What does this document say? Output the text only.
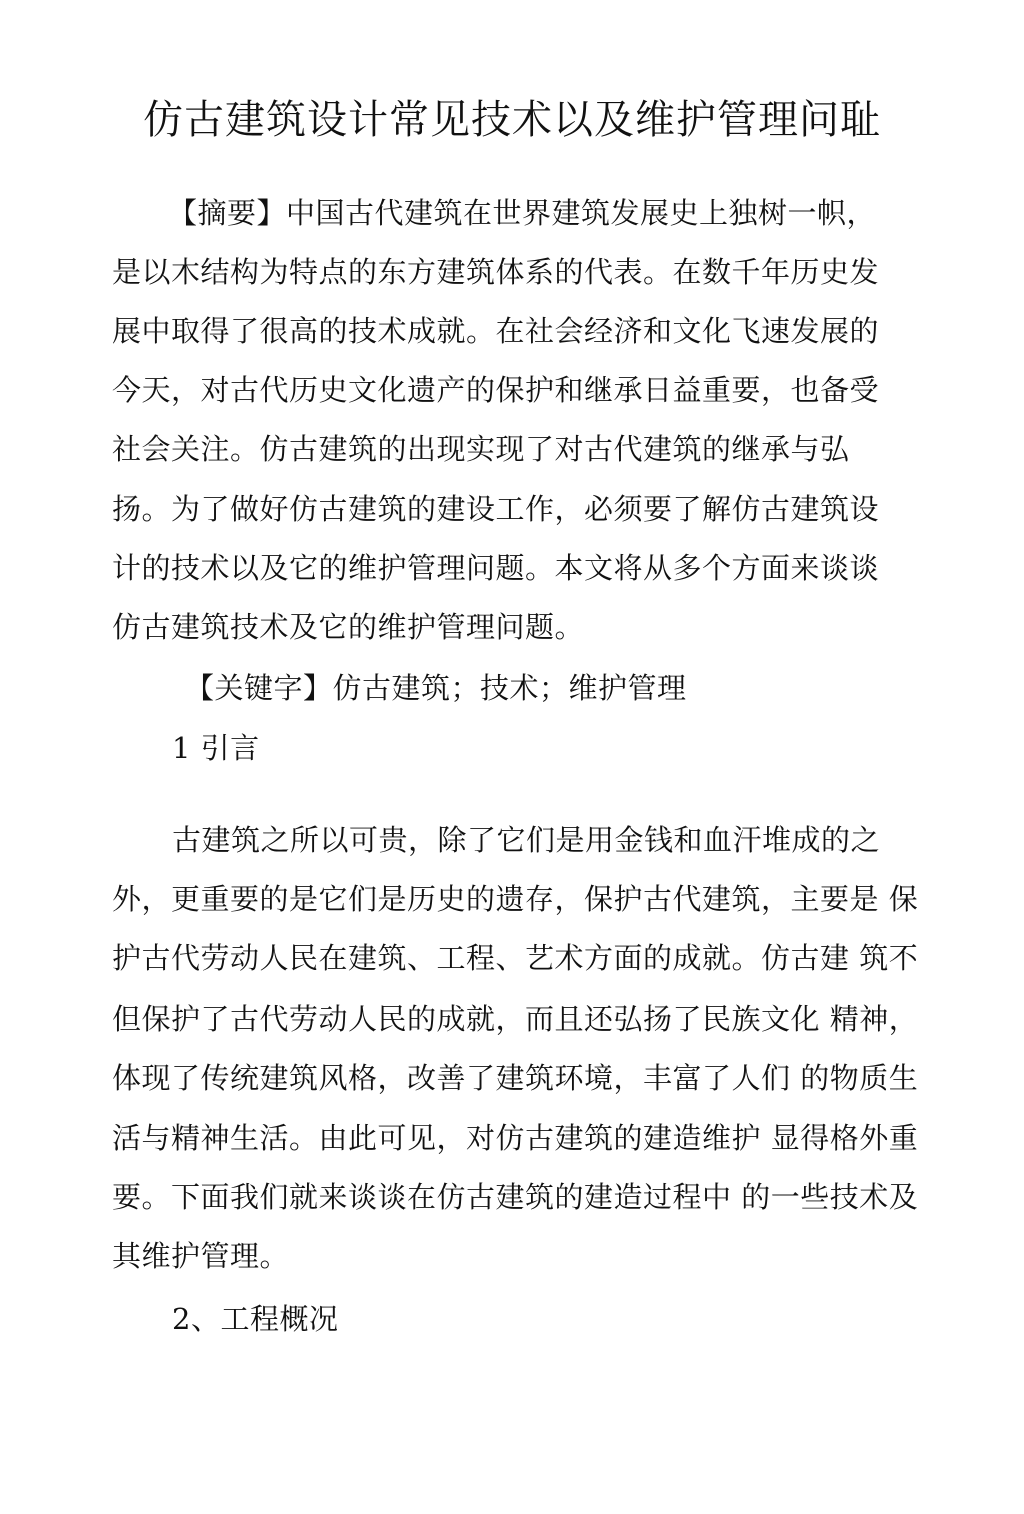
仿古建筑设计常见技术以及维护管理问耻
【摘要】中国古代建筑在世界建筑发展史上独树一帜，
是以木结构为特点的东方建筑体系的代表。在数千年历史发
展中取得了很高的技术成就。在社会经济和文化飞速发展的
今天，对古代历史文化遗产的保护和继承日益重要，也备受
社会关注。仿古建筑的出现实现了对古代建筑的继承与弘
扬。为了做好仿古建筑的建设工作，必须要了解仿古建筑设
计的技术以及它的维护管理问题。本文将从多个方面来谈谈
仿古建筑技术及它的维护管理问题。
【关键字】仿古建筑；技术；维护管理
1 引言
古建筑之所以可贵，除了它们是用金钱和血汗堆成的之
外，更重要的是它们是历史的遗存，保护古代建筑，主要是 保
护古代劳动人民在建筑、工程、艺术方面的成就。仿古建 筑不
但保护了古代劳动人民的成就，而且还弘扬了民族文化 精神，
体现了传统建筑风格，改善了建筑环境，丰富了人们 的物质生
活与精神生活。由此可见，对仿古建筑的建造维护 显得格外重
要。下面我们就来谈谈在仿古建筑的建造过程中 的一些技术及
其维护管理。
2、工程概况
